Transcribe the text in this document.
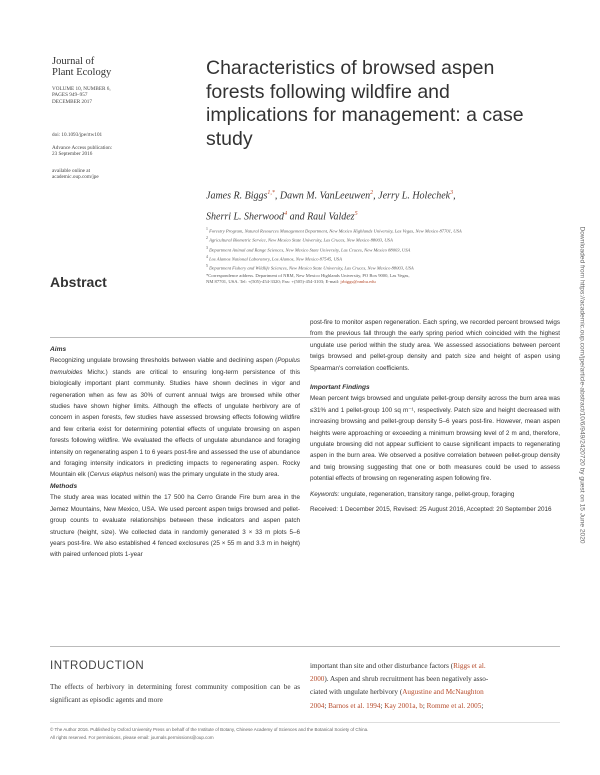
Journal of
Plant Ecology
VOLUME 10, NUMBER 6,
PAGES 949–957
DECEMBER 2017
doi: 10.1093/jpe/rtw101
Advance Access publication:
23 September 2016
available online at
academic.oup.com/jpe
Characteristics of browsed aspen forests following wildfire and implications for management: a case study
James R. Biggs$^{1,*}$, Dawn M. VanLeeuwen$^2$, Jerry L. Holechek$^3$,
Sherri L. Sherwood$^4$ and Raul Valdez$^5$
$^1$ Forestry Program, Natural Resources Management Department, New Mexico Highlands University, Las Vegas, New Mexico 87701, USA
$^2$ Agricultural Biometric Service, New Mexico State University, Las Cruces, New Mexico 88003, USA
$^3$ Department Animal and Range Sciences, New Mexico State University, Las Cruces, New Mexico 88003, USA
$^4$ Los Alamos National Laboratory, Los Alamos, New Mexico 87545, USA
$^5$ Department Fishery and Wildlife Sciences, New Mexico State University, Las Cruces, New Mexico 88003, USA
*Correspondence address. Department of NRM, New Mexico Highlands University, PO Box 9000, Las Vegas,
NM 87701, USA. Tel: +(505)-454-3320; Fax: +(505)-454-3103; E-mail: jrbiggs@nmhu.edu	Downloaded from https://academic.oup.com/jpe/article-abstract/10/6/949/2420720 by guest on 15 June 2020
Abstract

Aims

Recognizing ungulate browsing thresholds between viable and declining aspen (Populus tremuloides Michx.) stands are critical to ensuring long-term persistence of this biologically important plant community. Studies have shown declines in vigor and regeneration when as few as 30% of current annual twigs are browsed while other studies have shown higher limits. Although the effects of ungulate herbivory are of concern in aspen forests, few studies have assessed browsing effects following wildfire and few criteria exist for determining potential effects of ungulate browsing on aspen forests following wildfire. We evaluated the effects of ungulate abundance and foraging intensity on regenerating aspen 1 to 6 years post-fire and assessed the use of abundance and foraging intensity indicators in predicting impacts to regenerating aspen. Rocky Mountain elk (Cervus elaphus nelsoni) was the primary ungulate in the study area.

Methods

The study area was located within the 17 500 ha Cerro Grande Fire burn area in the Jemez Mountains, New Mexico, USA. We used percent aspen twigs browsed and pellet-group counts to evaluate relationships between these indicators and aspen patch structure (height, size). We collected data in randomly generated 3 × 33 m plots 5–6 years post-fire. We also established 4 fenced exclosures (25 × 55 m and 3.3 m in height) with paired unfenced plots 1-year

post-fire to monitor aspen regeneration. Each spring, we recorded percent browsed twigs from the previous fall through the early spring period which coincided with the highest ungulate use period within the study area. We assessed associations between percent twigs browsed and pellet-group density and patch size and height of aspen using Spearman's correlation coefficients.

Important Findings

Mean percent twigs browsed and ungulate pellet-group density across the burn area was ≤31% and 1 pellet-group 100 sq m⁻¹, respectively. Patch size and height decreased with increasing browsing and pellet-group density 5–6 years post-fire. However, mean aspen heights were approaching or exceeding a minimum browsing level of 2 m and, therefore, ungulate browsing did not appear sufficient to cause significant impacts to regenerating aspen in the burn area. We observed a positive correlation between pellet-group density and twig browsing suggesting that one or both measures could be used to assess potential effects of browsing on regenerating aspen following fire.

Keywords: ungulate, regeneration, transitory range, pellet-group, foraging

Received: 1 December 2015, Revised: 25 August 2016, Accepted: 20 September 2016

INTRODUCTION

The effects of herbivory in determining forest community composition can be as significant as episodic agents and more

important than site and other disturbance factors (Riggs et al.

2000). Aspen and shrub recruitment has been negatively asso-

ciated with ungulate herbivory (Augustine and McNaughton

2004; Barnos et al. 1994; Kay 2001a, b; Romme et al. 2005;

© The Author 2016. Published by Oxford University Press on behalf of the Institute of Botany, Chinese Academy of Sciences and the Botanical Society of China.
All rights reserved. For permissions, please email: journals.permissions@oup.com
